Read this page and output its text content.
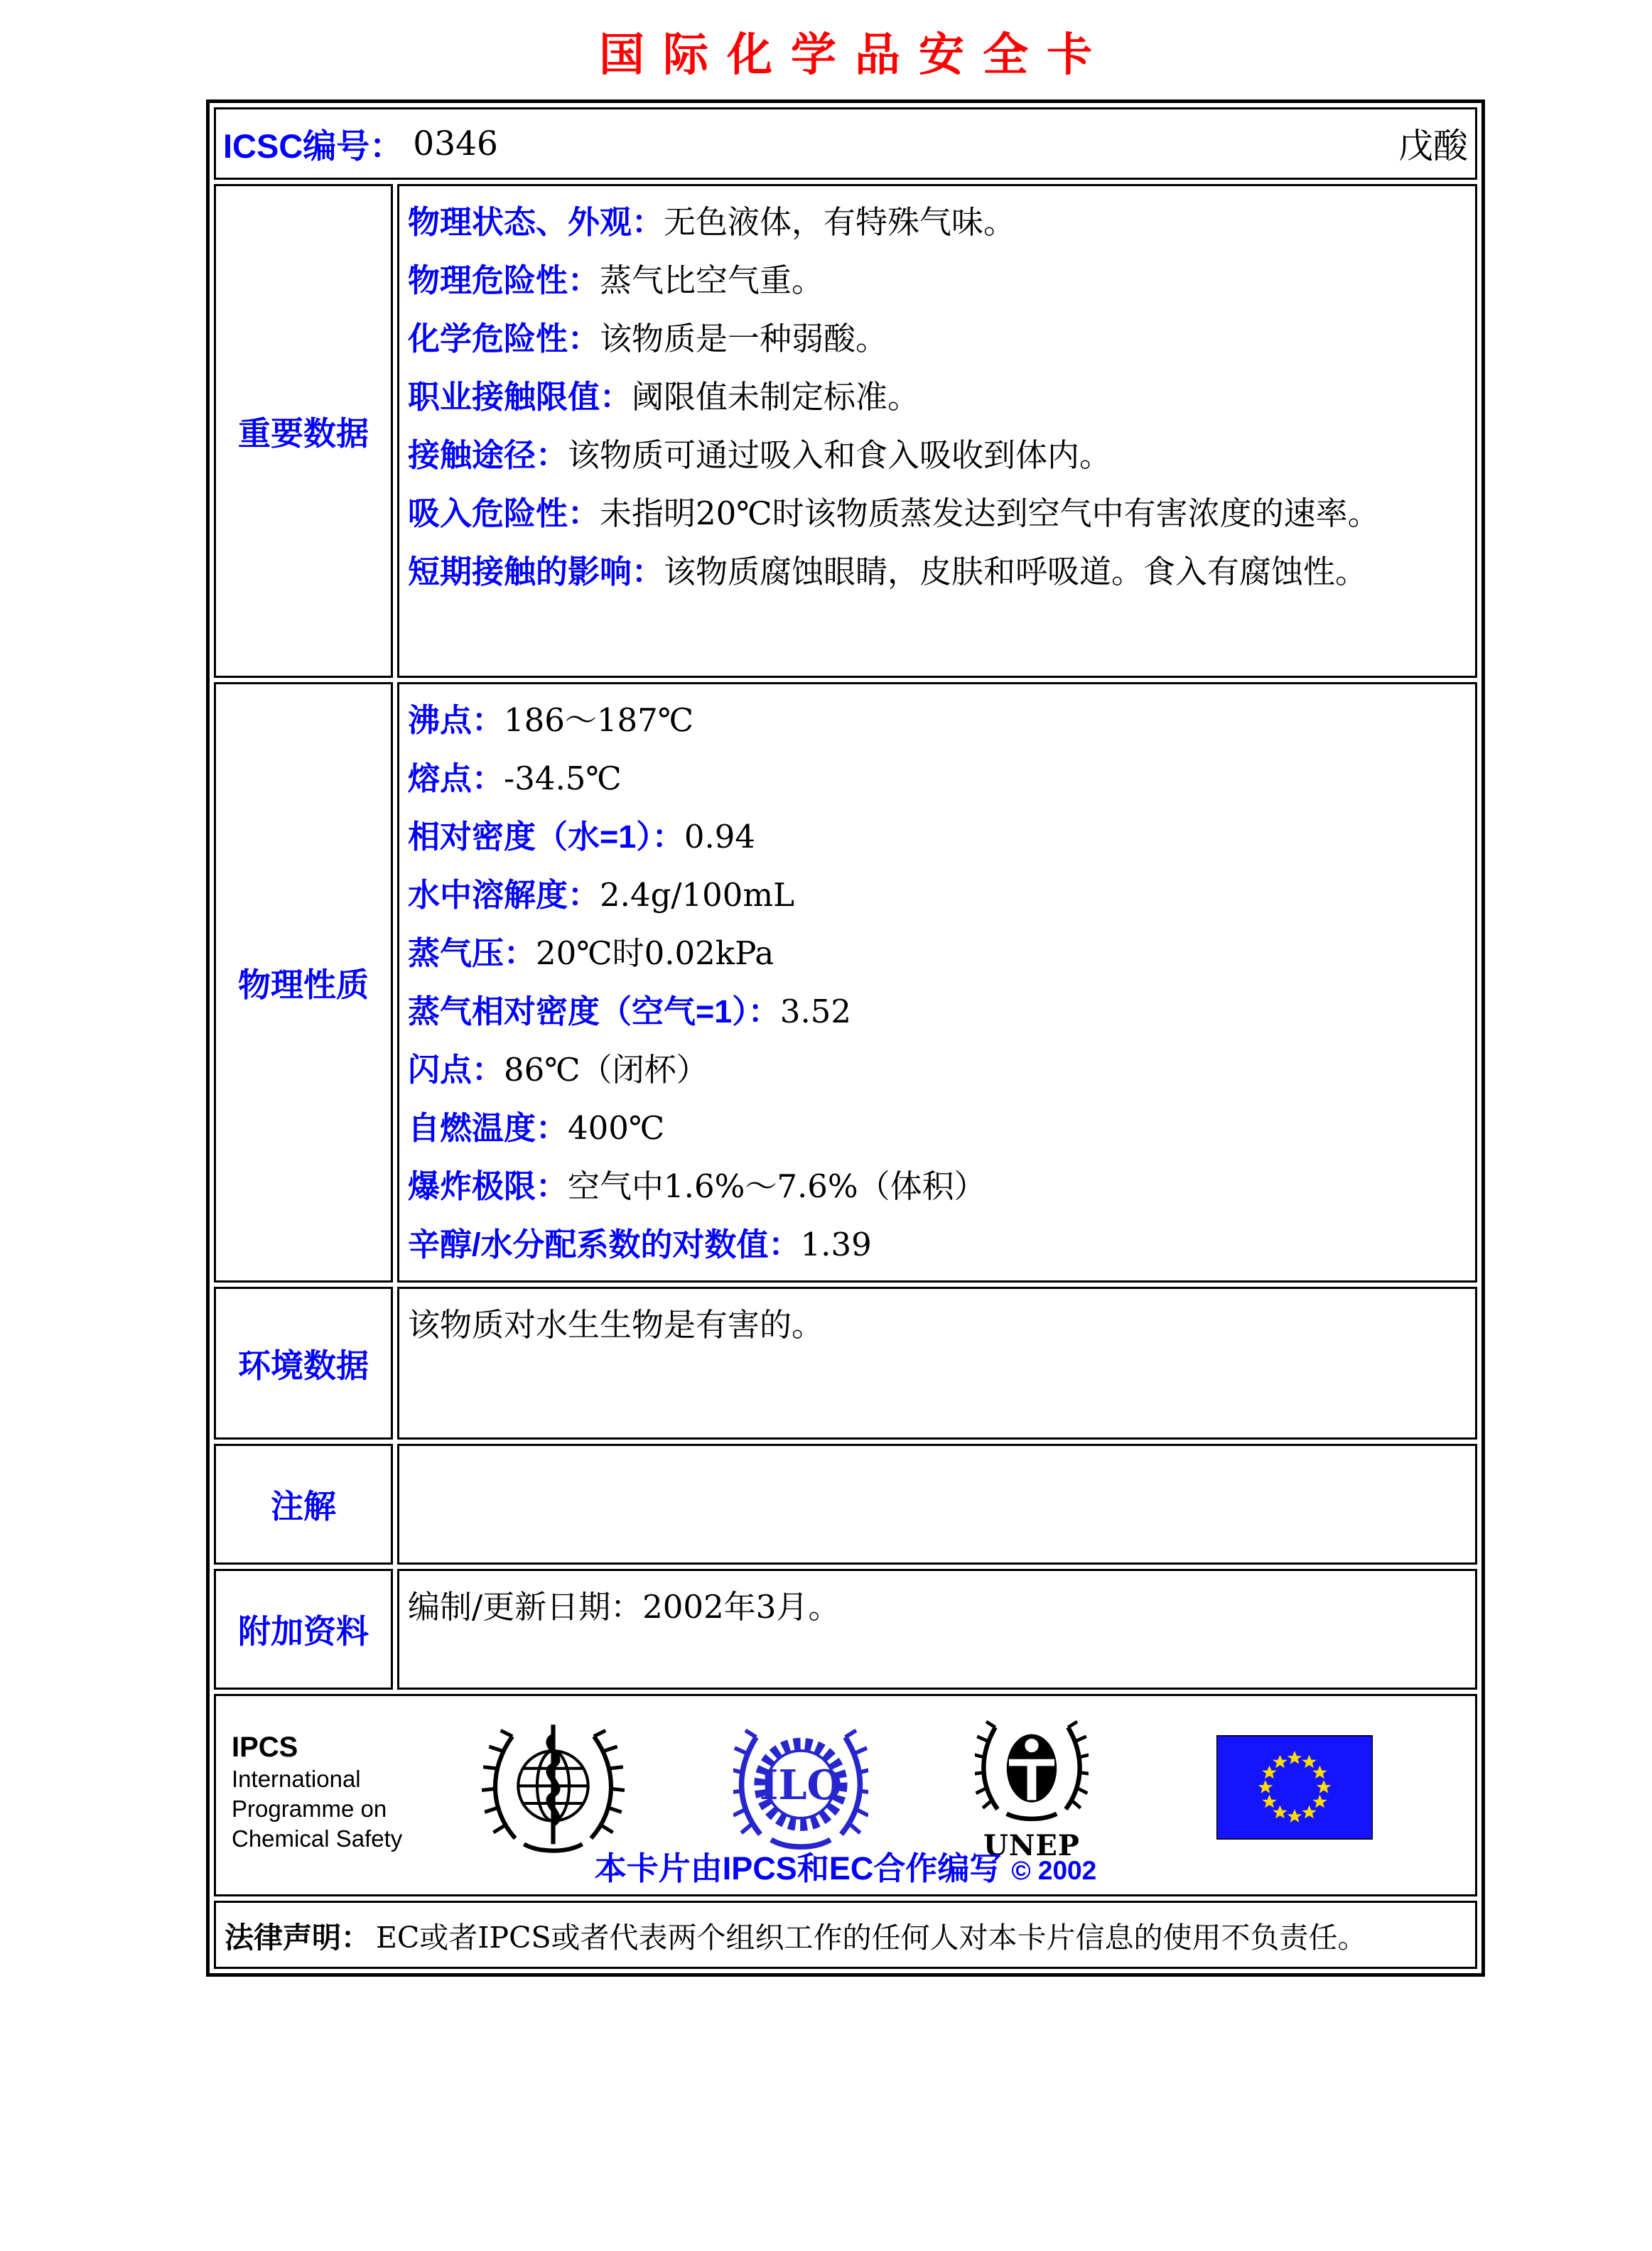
国际化学品安全卡
ICSC编号： 0346	戊酸
重要数据
物理状态、外观：无色液体，有特殊气味。
物理危险性：蒸气比空气重。
化学危险性：该物质是一种弱酸。
职业接触限值：阈限值未制定标准。
接触途径：该物质可通过吸入和食入吸收到体内。
吸入危险性：未指明20℃时该物质蒸发达到空气中有害浓度的速率。
短期接触的影响：该物质腐蚀眼睛，皮肤和呼吸道。食入有腐蚀性。
物理性质
沸点：186～187℃
熔点：-34.5℃
相对密度（水=1）：0.94
水中溶解度：2.4g/100mL
蒸气压：20℃时0.02kPa
蒸气相对密度（空气=1）：3.52
闪点：86℃（闭杯）
自燃温度：400℃
爆炸极限：空气中1.6%～7.6%（体积）
辛醇/水分配系数的对数值：1.39
环境数据
该物质对水生生物是有害的。
注解
附加资料
编制/更新日期：2002年3月。
IPCS
International
Programme on
Chemical Safety
ILO
UNEP
本卡片由IPCS和EC合作编写 © 2002
法律声明： EC或者IPCS或者代表两个组织工作的任何人对本卡片信息的使用不负责任。
